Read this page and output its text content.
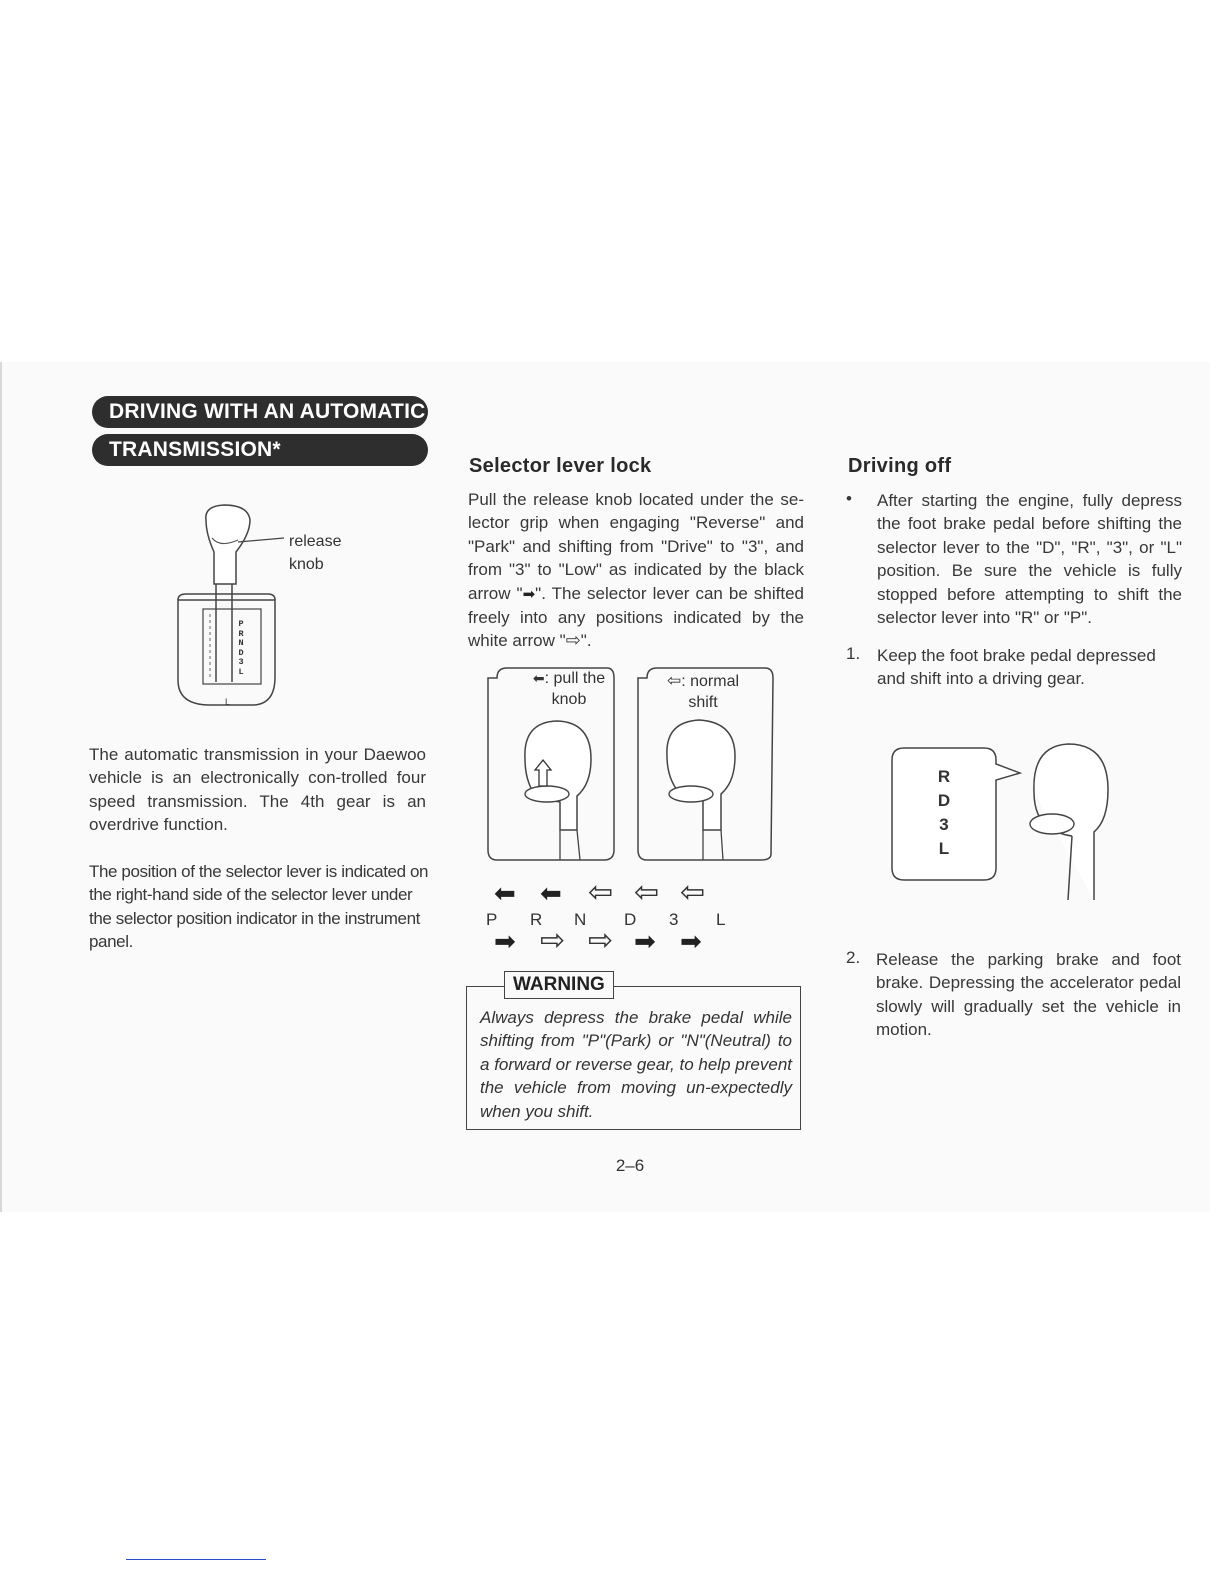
DRIVING WITH AN AUTOMATIC
TRANSMISSION*
L
P
R
N
D
3
L
release
knob
The automatic transmission in your Daewoo vehicle is an electronically con-trolled four speed transmission. The 4th gear is an overdrive function.
The position of the selector lever is indicated on the right-hand side of the selector lever under the selector position indicator in the instrument panel.
Selector lever lock
Pull the release knob located under the se-lector grip when engaging "Reverse" and "Park" and shifting from "Drive" to "3", and from "3" to "Low" as indicated by the black arrow "➡". The selector lever can be shifted freely into any positions indicated by the white arrow "⇨".
⬅: pull the
knob
⇦: normal
shift
⬅ ⬅ ⇦ ⇦ ⇦
P R N D 3 L
➡ ⇨ ⇨ ➡ ➡
WARNING
Always depress the brake pedal while shifting from "P"(Park) or "N"(Neutral) to a forward or reverse gear, to help prevent the vehicle from moving un-expectedly when you shift.
2–6
Driving off
• After starting the engine, fully depress the foot brake pedal before shifting the selector lever to the "D", "R", "3", or "L" position. Be sure the vehicle is fully stopped before attempting to shift the selector lever into "R" or "P".
1. Keep the foot brake pedal depressed and shift into a driving gear.
R
D
3
L
2. Release the parking brake and foot brake. Depressing the accelerator pedal slowly will gradually set the vehicle in motion.
